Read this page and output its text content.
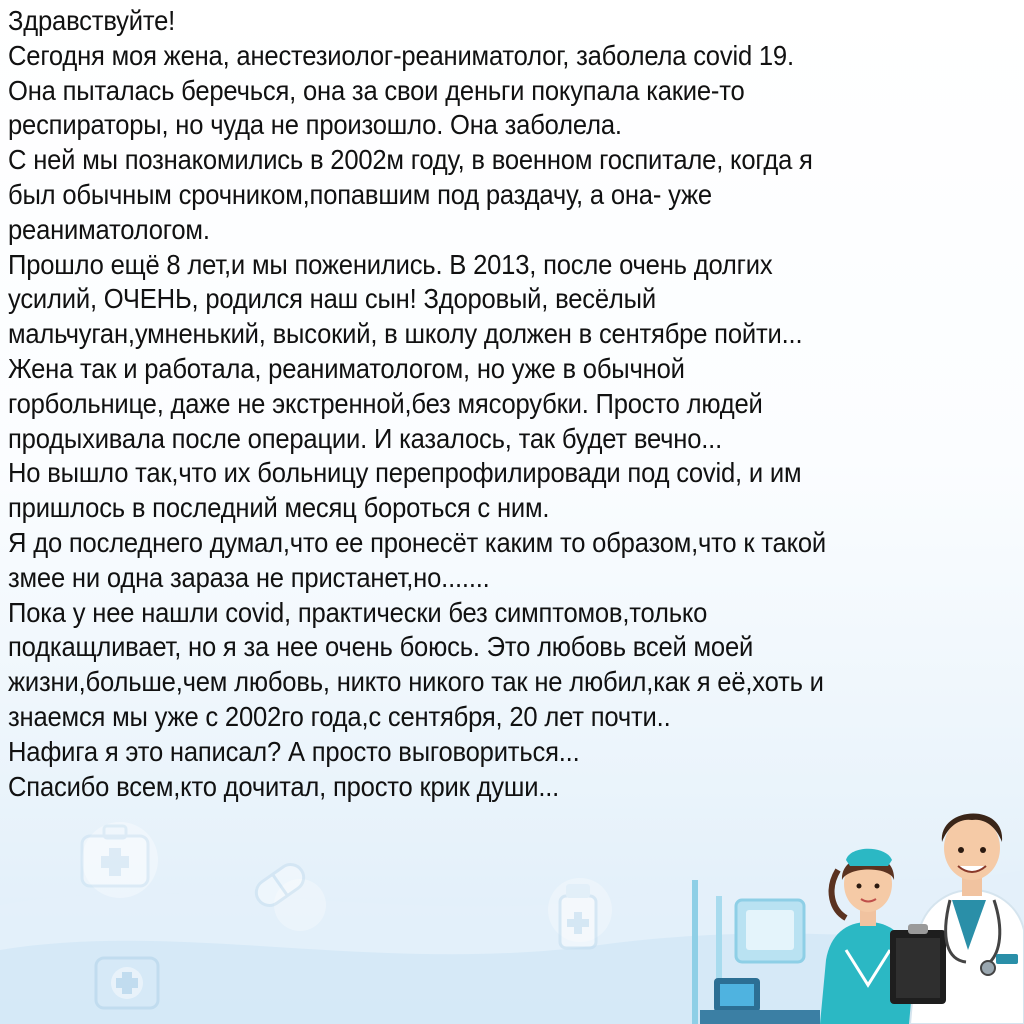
Здравствуйте!
Сегодня моя жена, анестезиолог-реаниматолог, заболела covid 19.
Она пыталась беречься, она за свои деньги покупала какие-то
респираторы, но чуда не произошло. Она заболела.
С ней мы познакомились в 2002м году, в военном госпитале, когда я
был обычным срочником,попавшим под раздачу, а она- уже
реаниматологом.
Прошло ещё 8 лет,и мы поженились. В 2013, после очень долгих
усилий, ОЧЕНЬ, родился наш сын! Здоровый, весёлый
мальчуган,умненький, высокий, в школу должен в сентябре пойти...
Жена так и работала, реаниматологом, но уже в обычной
горбольнице, даже не экстренной,без мясорубки. Просто людей
продыхивала после операции. И казалось, так будет вечно...
Но вышло так,что их больницу перепрофилировади под covid, и им
пришлось в последний месяц бороться с ним.
Я до последнего думал,что ее пронесёт каким то образом,что к такой
змее ни одна зараза не пристанет,но.......
Пока у нее нашли covid, практически без симптомов,только
подкащливает, но я за нее очень боюсь. Это любовь всей моей
жизни,больше,чем любовь, никто никого так не любил,как я её,хоть и
знаемся мы уже с 2002го года,с сентября, 20 лет почти..
Нафига я это написал? А просто выговориться...
Спасибо всем,кто дочитал, просто крик души...
